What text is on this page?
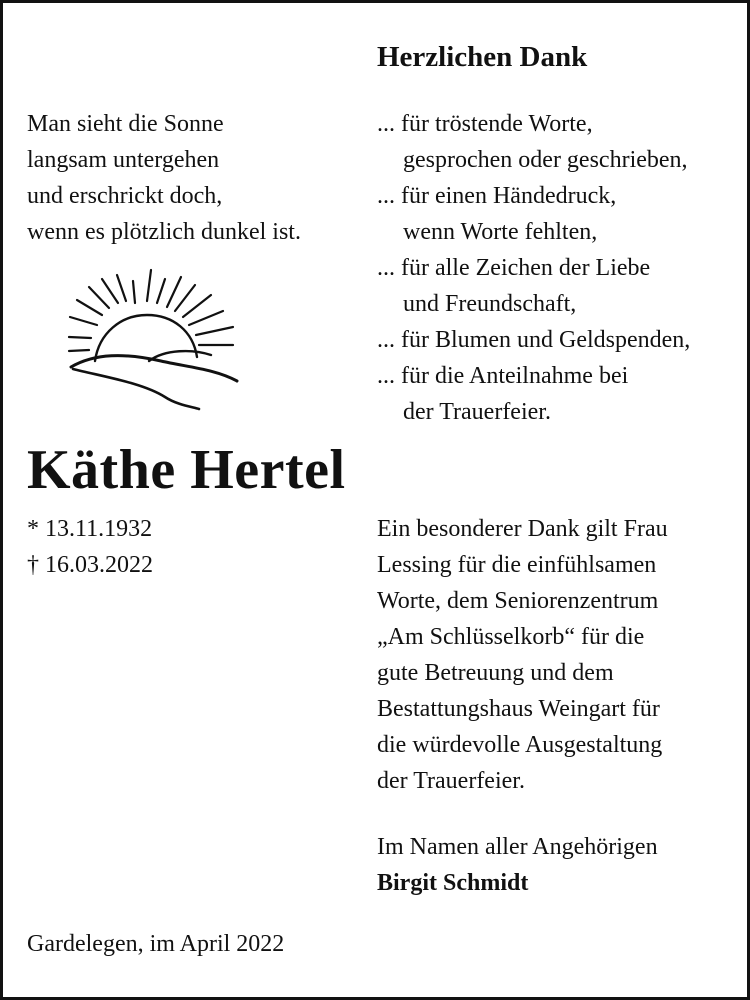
Man sieht die Sonne
langsam untergehen
und erschrickt doch,
wenn es plötzlich dunkel ist.
Käthe Hertel
* 13.11.1932
† 16.03.2022
Gardelegen, im April 2022
Herzlichen Dank
... für tröstende Worte,
gesprochen oder geschrieben,
... für einen Händedruck,
wenn Worte fehlten,
... für alle Zeichen der Liebe
und Freundschaft,
... für Blumen und Geldspenden,
... für die Anteilnahme bei
der Trauerfeier.
Ein besonderer Dank gilt Frau
Lessing für die einfühlsamen
Worte, dem Seniorenzentrum
„Am Schlüsselkorb“ für die
gute Betreuung und dem
Bestattungshaus Weingart für
die würdevolle Ausgestaltung
der Trauerfeier.
Im Namen aller Angehörigen
Birgit Schmidt
